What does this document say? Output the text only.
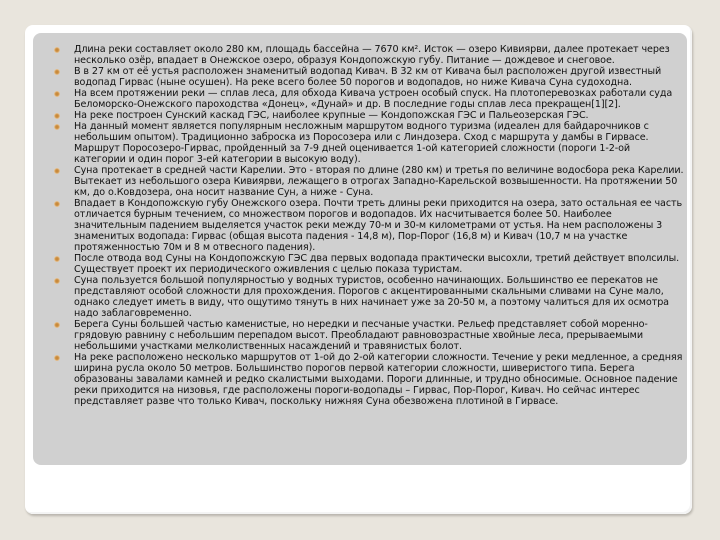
Длина реки составляет около 280 км, площадь бассейна — 7670 км². Исток — озеро Кивиярви, далее протекает через несколько озёр, впадает в Онежское озеро, образуя Кондопожскую губу. Питание — дождевое и снеговое.
В в 27 км от её устья расположен знаменитый водопад Кивач. В 32 км от Кивача был расположен другой известный водопад Гирвас (ныне осушен). На реке всего более 50 порогов и водопадов, но ниже Кивача Суна судоходна.
На всем протяжении реки — сплав леса, для обхода Кивача устроен особый спуск. На плотоперевозках работали суда Беломорско-Онежского пароходства «Донец», «Дунай» и др. В последние годы сплав леса прекращен[1][2].
На реке построен Сунский каскад ГЭС, наиболее крупные — Кондопожская ГЭС и Пальеозерская ГЭС.
На данный момент является популярным несложным маршрутом водного туризма (идеален для байдарочников с небольшим опытом). Традиционно заброска из Поросозера или с Линдозера. Сход с маршрута у дамбы в Гирвасе. Маршрут Поросозеро-Гирвас, пройденный за 7-9 дней оценивается 1-ой категорией сложности (пороги 1-2-ой категории и один порог 3-ей категории в высокую воду).
Суна протекает в средней части Карелии. Это - вторая по длине (280 км) и третья по величине водосбора река Карелии. Вытекает из небольшого озера Кивиярви, лежащего в отрогах Западно-Карельской возвышенности. На протяжении 50 км, до о.Ковдозера, она носит название Сун, а ниже - Суна.
Впадает в Кондопожскую губу Онежского озера. Почти треть длины реки приходится на озера, зато остальная ее часть отличается бурным течением, со множеством порогов и водопадов. Их насчитывается более 50. Наиболее значительным падением выделяется участок реки между 70-м и 30-м километрами от устья. На нем расположены 3 знаменитых водопада: Гирвас (общая высота падения - 14,8 м), Пор-Порог (16,8 м) и Кивач (10,7 м на участке протяженностью 70м и 8 м отвесного падения).
После отвода вод Суны на Кондопожскую ГЭС два первых водопада практически высохли, третий действует вполсилы. Существует проект их периодического оживления с целью показа туристам.
Суна пользуется большой популярностью у водных туристов, особенно начинающих. Большинство ее перекатов не представляют особой сложности для прохождения. Порогов с акцентированными скальными сливами на Суне мало, однако следует иметь в виду, что ощутимо тянуть в них начинает уже за 20-50 м, а поэтому чалиться для их осмотра надо заблаговременно.
Берега Суны большей частью каменистые, но нередки и песчаные участки. Рельеф представляет собой моренно-грядовую равнину с небольшим перепадом высот. Преобладают равновозрастные хвойные леса, прерываемыми небольшими участками мелколиственных насаждений и травянистых болот.
На реке расположено несколько маршрутов от 1-ой до 2-ой категории сложности. Течение у реки медленное, а средняя ширина русла около 50 метров. Большинство порогов первой категории сложности, шиверистого типа. Берега образованы завалами камней и редко скалистыми выходами. Пороги длинные, и трудно обносимые. Основное падение реки приходится на низовья, где расположены пороги-водопады – Гирвас, Пор-Порог, Кивач. Но сейчас интерес представляет разве что только Кивач, поскольку нижняя Суна обезвожена плотиной в Гирвасе.
